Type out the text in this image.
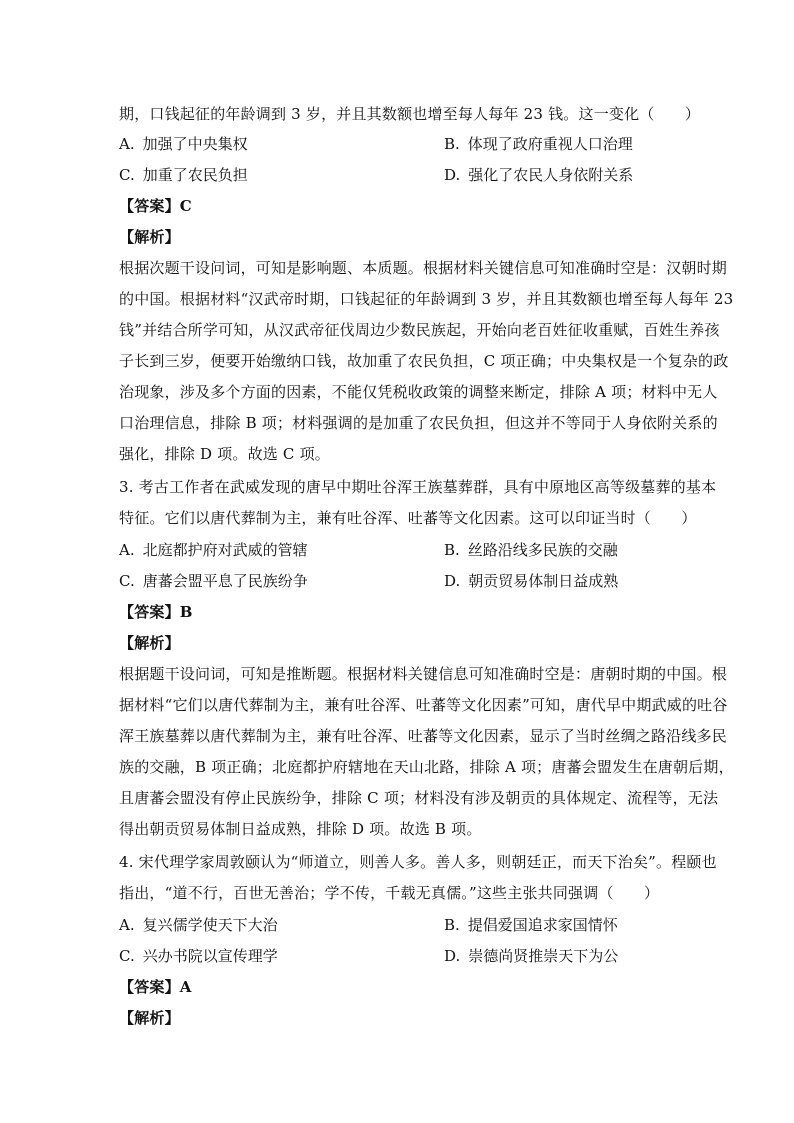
期，口钱起征的年龄调到 3 岁，并且其数额也增至每人每年 23 钱。这一变化（　　）
A. 加强了中央集权	B. 体现了政府重视人口治理
C. 加重了农民负担	D. 强化了农民人身依附关系
【答案】C
【解析】
根据次题干设问词，可知是影响题、本质题。根据材料关键信息可知准确时空是：汉朝时期
的中国。根据材料“汉武帝时期，口钱起征的年龄调到 3 岁，并且其数额也增至每人每年 23
钱”并结合所学可知，从汉武帝征伐周边少数民族起，开始向老百姓征收重赋，百姓生养孩
子长到三岁，便要开始缴纳口钱，故加重了农民负担，C 项正确；中央集权是一个复杂的政
治现象，涉及多个方面的因素，不能仅凭税收政策的调整来断定，排除 A 项；材料中无人
口治理信息，排除 B 项；材料强调的是加重了农民负担，但这并不等同于人身依附关系的
强化，排除 D 项。故选 C 项。
3. 考古工作者在武威发现的唐早中期吐谷浑王族墓葬群，具有中原地区高等级墓葬的基本
特征。它们以唐代葬制为主，兼有吐谷浑、吐蕃等文化因素。这可以印证当时（　　）
A. 北庭都护府对武威的管辖	B. 丝路沿线多民族的交融
C. 唐蕃会盟平息了民族纷争	D. 朝贡贸易体制日益成熟
【答案】B
【解析】
根据题干设问词，可知是推断题。根据材料关键信息可知准确时空是：唐朝时期的中国。根
据材料“它们以唐代葬制为主，兼有吐谷浑、吐蕃等文化因素”可知，唐代早中期武威的吐谷
浑王族墓葬以唐代葬制为主，兼有吐谷浑、吐蕃等文化因素，显示了当时丝绸之路沿线多民
族的交融，B 项正确；北庭都护府辖地在天山北路，排除 A 项；唐蕃会盟发生在唐朝后期，
且唐蕃会盟没有停止民族纷争，排除 C 项；材料没有涉及朝贡的具体规定、流程等，无法
得出朝贡贸易体制日益成熟，排除 D 项。故选 B 项。
4. 宋代理学家周敦颐认为“师道立，则善人多。善人多，则朝廷正，而天下治矣”。程颐也
指出，“道不行，百世无善治；学不传，千载无真儒。”这些主张共同强调（　　）
A. 复兴儒学使天下大治	B. 提倡爱国追求家国情怀
C. 兴办书院以宣传理学	D. 崇德尚贤推崇天下为公
【答案】A
【解析】
